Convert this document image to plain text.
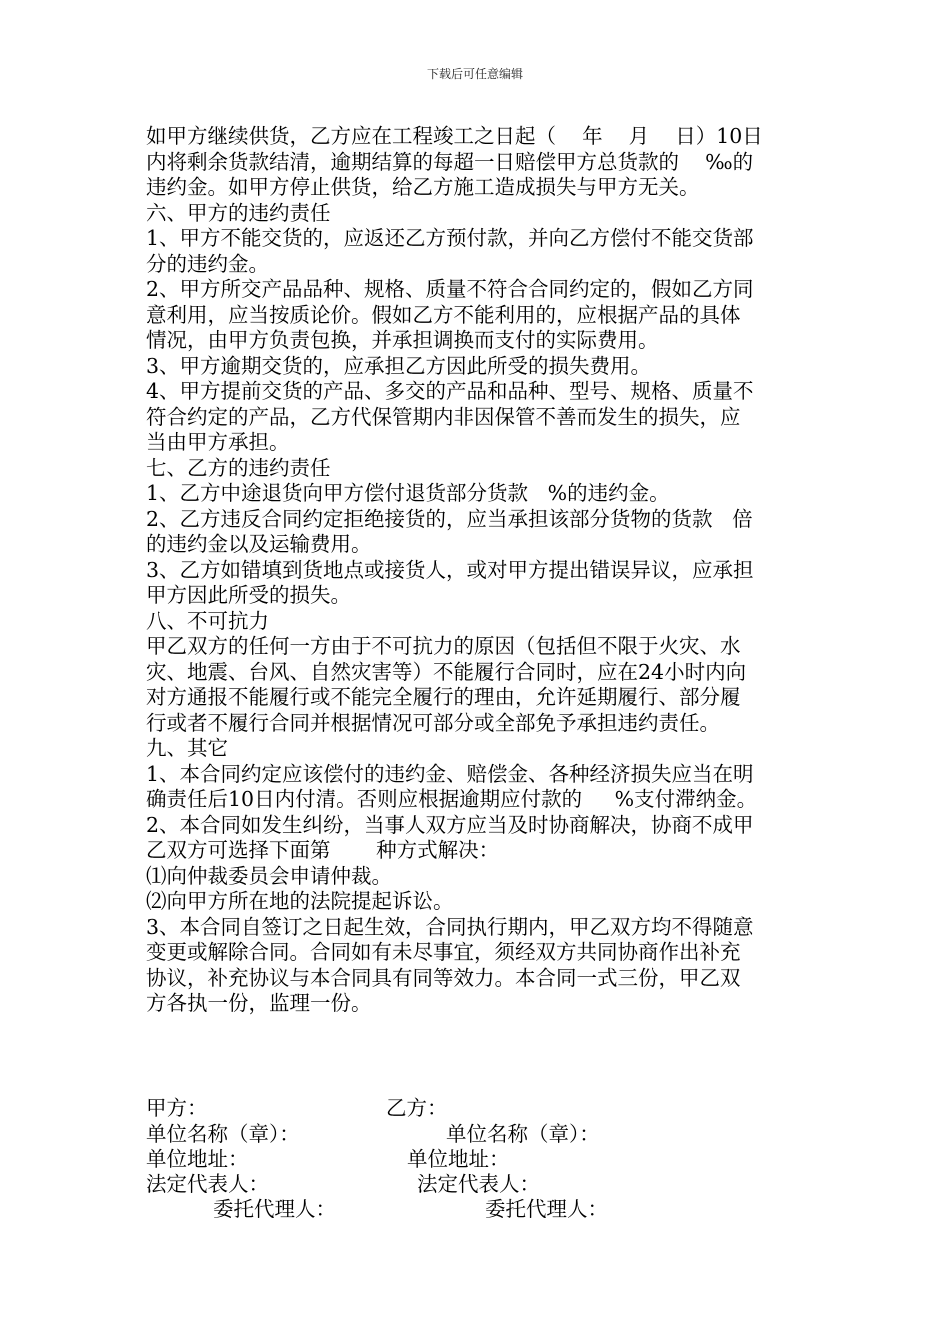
下载后可任意编辑
如甲方继续供货，乙方应在工程竣工之日起（    年    月    日）10日
内将剩余货款结清，逾期结算的每超一日赔偿甲方总货款的    ‰的
违约金。如甲方停止供货，给乙方施工造成损失与甲方无关。
六、甲方的违约责任
1、甲方不能交货的，应返还乙方预付款，并向乙方偿付不能交货部
分的违约金。
2、甲方所交产品品种、规格、质量不符合合同约定的，假如乙方同
意利用，应当按质论价。假如乙方不能利用的，应根据产品的具体
情况，由甲方负责包换，并承担调换而支付的实际费用。
3、甲方逾期交货的，应承担乙方因此所受的损失费用。
4、甲方提前交货的产品、多交的产品和品种、型号、规格、质量不
符合约定的产品，乙方代保管期内非因保管不善而发生的损失，应
当由甲方承担。
七、乙方的违约责任
1、乙方中途退货向甲方偿付退货部分货款   %的违约金。
2、乙方违反合同约定拒绝接货的，应当承担该部分货物的货款   倍
的违约金以及运输费用。
3、乙方如错填到货地点或接货人，或对甲方提出错误异议，应承担
甲方因此所受的损失。
八、不可抗力
甲乙双方的任何一方由于不可抗力的原因（包括但不限于火灾、水
灾、地震、台风、自然灾害等）不能履行合同时，应在24小时内向
对方通报不能履行或不能完全履行的理由，允许延期履行、部分履
行或者不履行合同并根据情况可部分或全部免予承担违约责任。
九、其它
1、本合同约定应该偿付的违约金、赔偿金、各种经济损失应当在明
确责任后10日内付清。否则应根据逾期应付款的     %支付滞纳金。
2、本合同如发生纠纷，当事人双方应当及时协商解决，协商不成甲
乙双方可选择下面第       种方式解决：
⑴向仲裁委员会申请仲裁。
⑵向甲方所在地的法院提起诉讼。
3、本合同自签订之日起生效，合同执行期内，甲乙双方均不得随意
变更或解除合同。合同如有未尽事宜，须经双方共同协商作出补充
协议，补充协议与本合同具有同等效力。本合同一式三份，甲乙双
方各执一份，监理一份。
甲方：	乙方：
单位名称（章）：	单位名称（章）：
单位地址：	单位地址：
法定代表人：	法定代表人：
委托代理人：	委托代理人：
